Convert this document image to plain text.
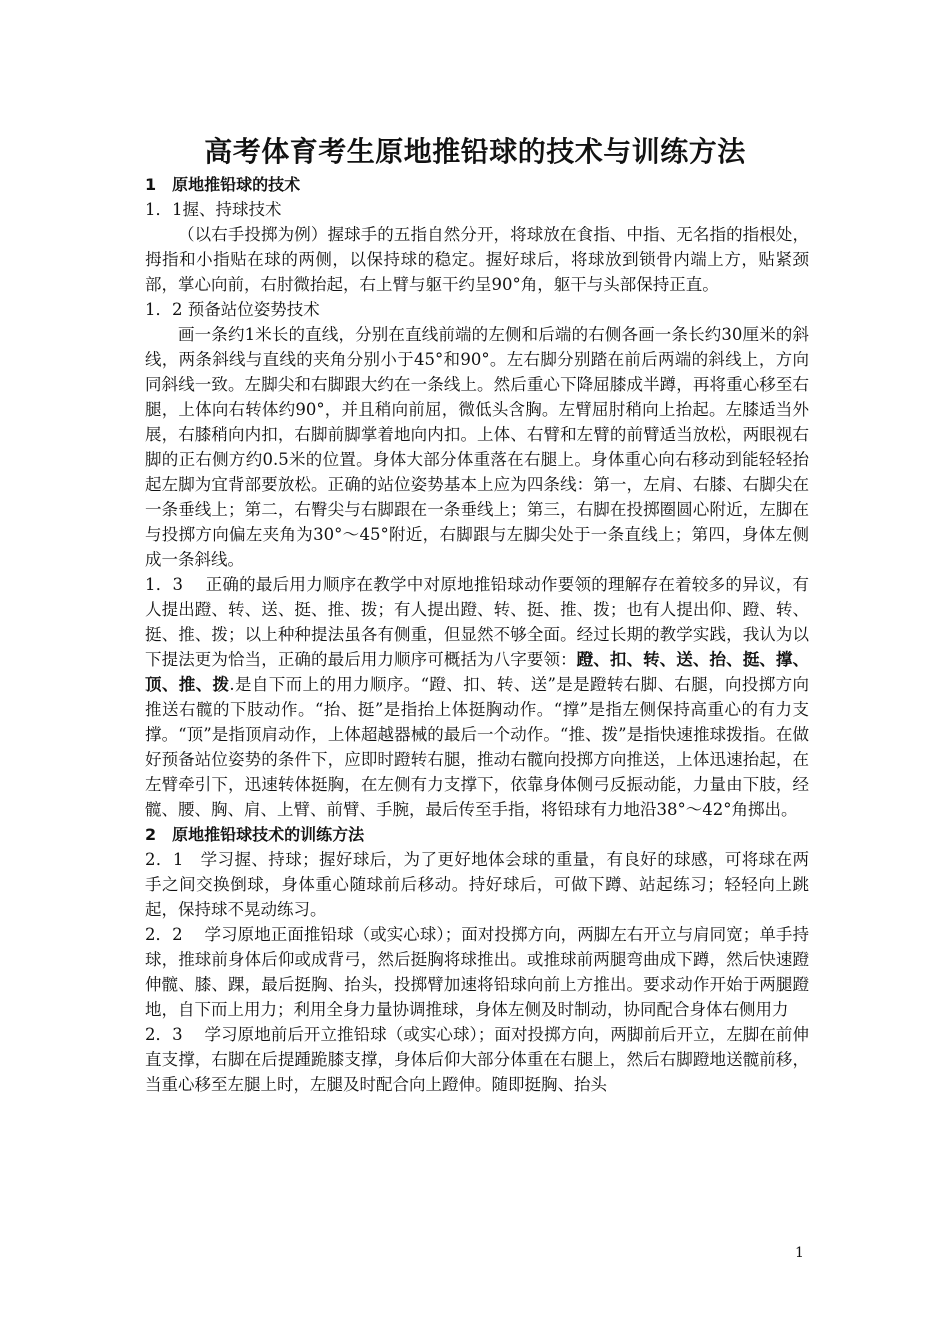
高考体育考生原地推铅球的技术与训练方法
1　原地推铅球的技术
1．1握、持球技术
（以右手投掷为例）握球手的五指自然分开，将球放在食指、中指、无名指的指根处，拇指和小指贴在球的两侧，以保持球的稳定。握好球后，将球放到锁骨内端上方，贴紧颈部，掌心向前，右肘微抬起，右上臂与躯干约呈90°角，躯干与头部保持正直。
1．2 预备站位姿势技术
画一条约1米长的直线，分别在直线前端的左侧和后端的右侧各画一条长约30厘米的斜线，两条斜线与直线的夹角分别小于45°和90°。左右脚分别踏在前后两端的斜线上，方向同斜线一致。左脚尖和右脚跟大约在一条线上。然后重心下降屈膝成半蹲，再将重心移至右腿，上体向右转体约90°，并且稍向前屈，微低头含胸。左臂屈肘稍向上抬起。左膝适当外展，右膝稍向内扣，右脚前脚掌着地向内扣。上体、右臂和左臂的前臂适当放松，两眼视右脚的正右侧方约0.5米的位置。身体大部分体重落在右腿上。身体重心向右移动到能轻轻抬起左脚为宜背部要放松。正确的站位姿势基本上应为四条线：第一，左肩、右膝、右脚尖在一条垂线上；第二，右臀尖与右脚跟在一条垂线上；第三，右脚在投掷圈圆心附近，左脚在与投掷方向偏左夹角为30°～45°附近，右脚跟与左脚尖处于一条直线上；第四，身体左侧成一条斜线。
1．3　 正确的最后用力顺序在教学中对原地推铅球动作要领的理解存在着较多的异议，有人提出蹬、转、送、挺、推、拨；有人提出蹬、转、挺、推、拨；也有人提出仰、蹬、转、挺、推、拨；以上种种提法虽各有侧重，但显然不够全面。经过长期的教学实践，我认为以下提法更为恰当，正确的最后用力顺序可概括为八字要领：蹬、扣、转、送、抬、挺、撑、顶、推、拨.是自下而上的用力顺序。“蹬、扣、转、送”是是蹬转右脚、右腿，向投掷方向推送右髋的下肢动作。“抬、挺”是指抬上体挺胸动作。“撑”是指左侧保持高重心的有力支撑。“顶”是指顶肩动作，上体超越器械的最后一个动作。“推、拨”是指快速推球拨指。在做好预备站位姿势的条件下，应即时蹬转右腿，推动右髋向投掷方向推送，上体迅速抬起，在左臂牵引下，迅速转体挺胸，在左侧有力支撑下，依靠身体侧弓反振动能，力量由下肢，经髋、腰、胸、肩、上臂、前臂、手腕，最后传至手指，将铅球有力地沿38°～42°角掷出。
2　原地推铅球技术的训练方法
2．1　学习握、持球；握好球后，为了更好地体会球的重量，有良好的球感，可将球在两手之间交换倒球，身体重心随球前后移动。持好球后，可做下蹲、站起练习；轻轻向上跳起，保持球不晃动练习。
2．2　 学习原地正面推铅球（或实心球）；面对投掷方向，两脚左右开立与肩同宽；单手持球，推球前身体后仰或成背弓，然后挺胸将球推出。或推球前两腿弯曲成下蹲，然后快速蹬伸髋、膝、踝，最后挺胸、抬头，投掷臂加速将铅球向前上方推出。要求动作开始于两腿蹬地，自下而上用力；利用全身力量协调推球，身体左侧及时制动，协同配合身体右侧用力
2．3　 学习原地前后开立推铅球（或实心球）；面对投掷方向，两脚前后开立，左脚在前伸直支撑，右脚在后提踵跪膝支撑，身体后仰大部分体重在右腿上，然后右脚蹬地送髋前移，当重心移至左腿上时，左腿及时配合向上蹬伸。随即挺胸、抬头
1
